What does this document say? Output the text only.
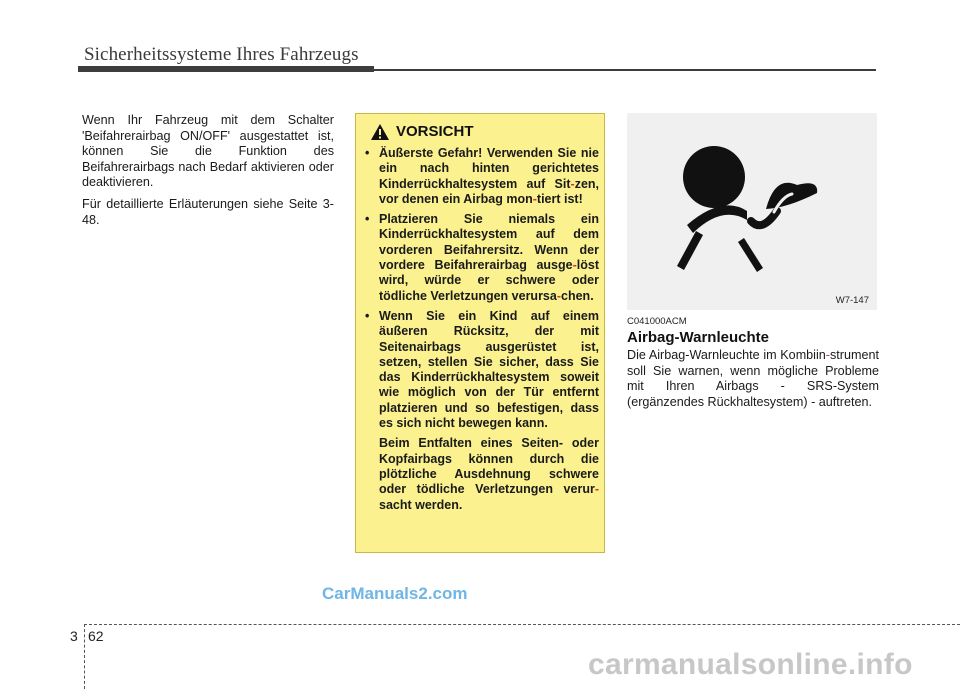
Sicherheitssysteme Ihres Fahrzeugs

Wenn Ihr Fahrzeug mit dem Schalter 'Beifahrerairbag ON/OFF' ausgestattet ist, können Sie die Funktion des Beifahrerairbags nach Bedarf aktivieren oder deaktivieren.

Für detaillierte Erläuterungen siehe Seite 3-48.

VORSICHT
• Äußerste Gefahr! Verwenden Sie nie ein nach hinten gerichtetes Kinderrückhaltesystem auf Sit-zen, vor denen ein Airbag mon-tiert ist!
• Platzieren Sie niemals ein Kinderrückhaltesystem auf dem vorderen Beifahrersitz. Wenn der vordere Beifahrerairbag ausge-löst wird, würde er schwere oder tödliche Verletzungen verursa-chen.
• Wenn Sie ein Kind auf einem äußeren Rücksitz, der mit Seitenairbags ausgerüstet ist, setzen, stellen Sie sicher, dass Sie das Kinderrückhaltesystem soweit wie möglich von der Tür entfernt platzieren und so befestigen, dass es sich nicht bewegen kann.

Beim Entfalten eines Seiten- oder Kopfairbags können durch die plötzliche Ausdehnung schwere oder tödliche Verletzungen verur-sacht werden.

W7-147
C041000ACM
Airbag-Warnleuchte

Die Airbag-Warnleuchte im Kombiin-strument soll Sie warnen, wenn mögliche Probleme mit Ihren Airbags - SRS-System (ergänzendes Rückhaltesystem) - auftreten.

CarManuals2.com
3 62
carmanualsonline.info
